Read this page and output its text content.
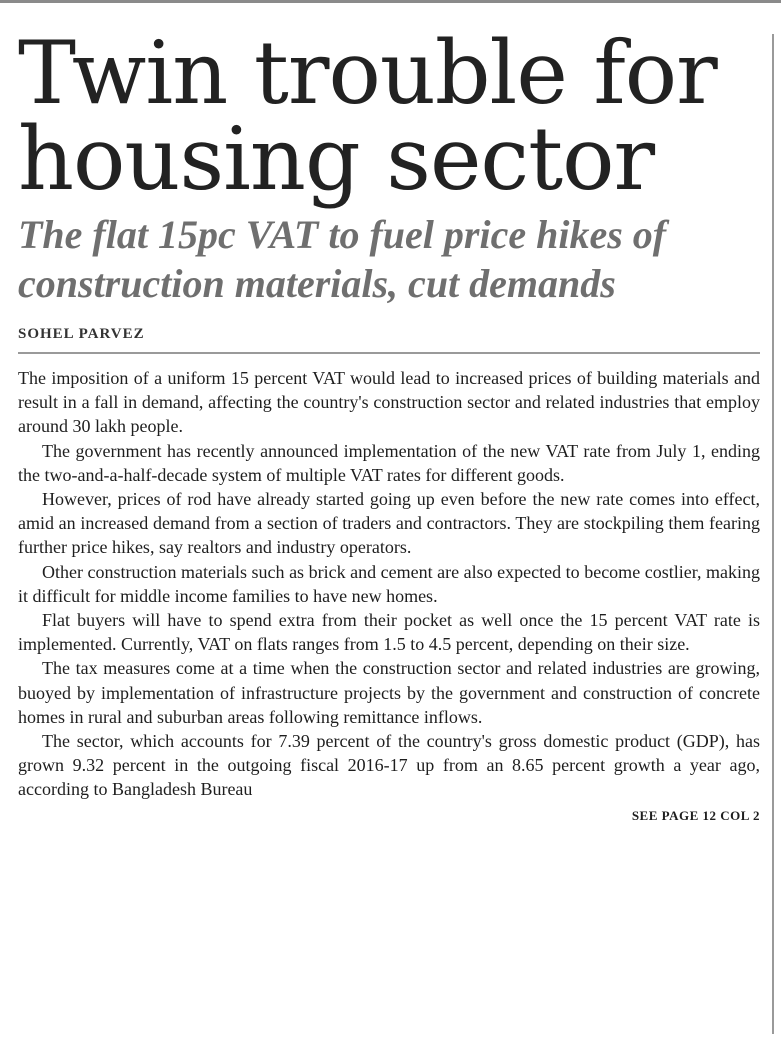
Twin trouble for housing sector
The flat 15pc VAT to fuel price hikes of construction materials, cut demands
SOHEL PARVEZ

The imposition of a uniform 15 percent VAT would lead to increased prices of building materials and result in a fall in demand, affecting the country's construction sector and related industries that employ around 30 lakh people.

The government has recently announced implementation of the new VAT rate from July 1, ending the two-and-a-half-decade system of multiple VAT rates for different goods.

However, prices of rod have already started going up even before the new rate comes into effect, amid an increased demand from a section of traders and contractors. They are stockpiling them fearing further price hikes, say realtors and industry operators.

Other construction materials such as brick and cement are also expected to become costlier, making it difficult for middle income families to have new homes.

Flat buyers will have to spend extra from their pocket as well once the 15 percent VAT rate is implemented. Currently, VAT on flats ranges from 1.5 to 4.5 percent, depending on their size.

The tax measures come at a time when the construction sector and related industries are growing, buoyed by implementation of infrastructure projects by the government and construction of concrete homes in rural and suburban areas following remittance inflows.

The sector, which accounts for 7.39 percent of the country's gross domestic product (GDP), has grown 9.32 percent in the outgoing fiscal 2016-17 up from an 8.65 percent growth a year ago, according to Bangladesh Bureau

SEE PAGE 12 COL 2
